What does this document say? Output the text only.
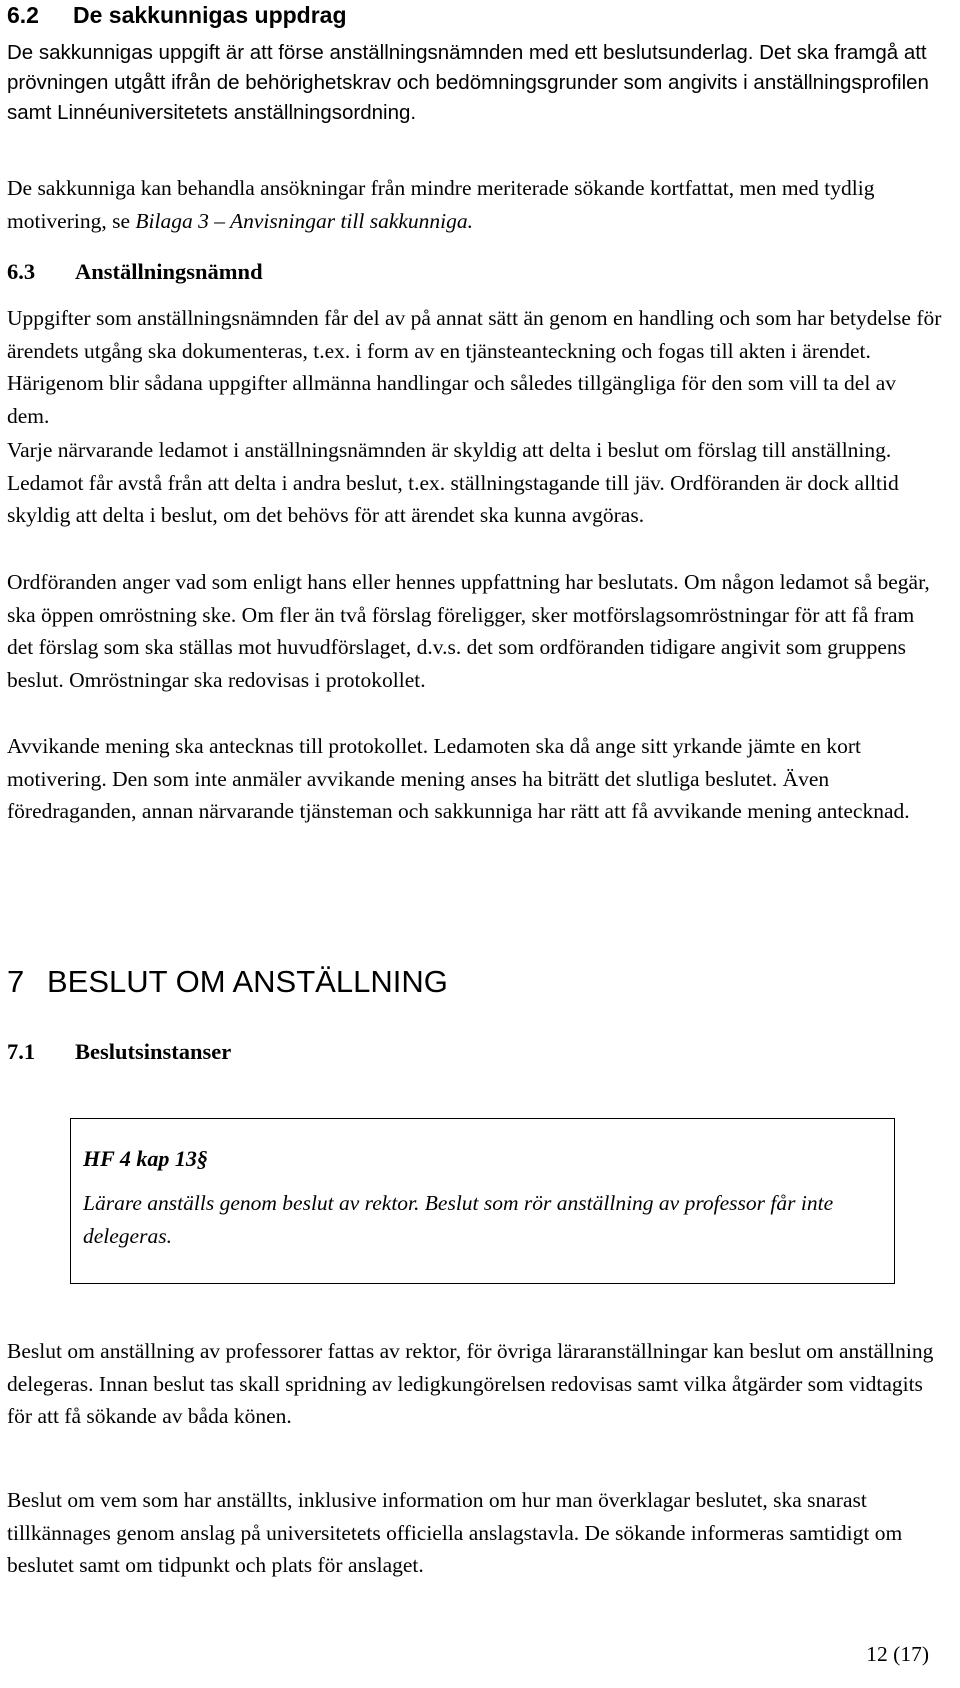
6.2 De sakkunnigas uppdrag

De sakkunnigas uppgift är att förse anställningsnämnden med ett beslutsunderlag. Det ska framgå att prövningen utgått ifrån de behörighetskrav och bedömningsgrunder som angivits i anställningsprofilen samt Linnéuniversitetets anställningsordning.

De sakkunniga kan behandla ansökningar från mindre meriterade sökande kortfattat, men med tydlig motivering, se Bilaga 3 – Anvisningar till sakkunniga.

6.3 Anställningsnämnd

Uppgifter som anställningsnämnden får del av på annat sätt än genom en handling och som har betydelse för ärendets utgång ska dokumenteras, t.ex. i form av en tjänsteanteckning och fogas till akten i ärendet. Härigenom blir sådana uppgifter allmänna handlingar och således tillgängliga för den som vill ta del av dem.

Varje närvarande ledamot i anställningsnämnden är skyldig att delta i beslut om förslag till anställning. Ledamot får avstå från att delta i andra beslut, t.ex. ställningstagande till jäv. Ordföranden är dock alltid skyldig att delta i beslut, om det behövs för att ärendet ska kunna avgöras.

Ordföranden anger vad som enligt hans eller hennes uppfattning har beslutats. Om någon ledamot så begär, ska öppen omröstning ske. Om fler än två förslag föreligger, sker motförslagsomröstningar för att få fram det förslag som ska ställas mot huvudförslaget, d.v.s. det som ordföranden tidigare angivit som gruppens beslut. Omröstningar ska redovisas i protokollet.

Avvikande mening ska antecknas till protokollet. Ledamoten ska då ange sitt yrkande jämte en kort motivering. Den som inte anmäler avvikande mening anses ha biträtt det slutliga beslutet. Även föredraganden, annan närvarande tjänsteman och sakkunniga har rätt att få avvikande mening antecknad.

7 BESLUT OM ANSTÄLLNING
7.1 Beslutsinstanser
HF 4 kap 13§
Lärare anställs genom beslut av rektor. Beslut som rör anställning av professor får inte delegeras.

Beslut om anställning av professorer fattas av rektor, för övriga läraranställningar kan beslut om anställning delegeras. Innan beslut tas skall spridning av ledigkungörelsen redovisas samt vilka åtgärder som vidtagits för att få sökande av båda könen.

Beslut om vem som har anställts, inklusive information om hur man överklagar beslutet, ska snarast tillkännages genom anslag på universitetets officiella anslagstavla. De sökande informeras samtidigt om beslutet samt om tidpunkt och plats för anslaget.

12 (17)
